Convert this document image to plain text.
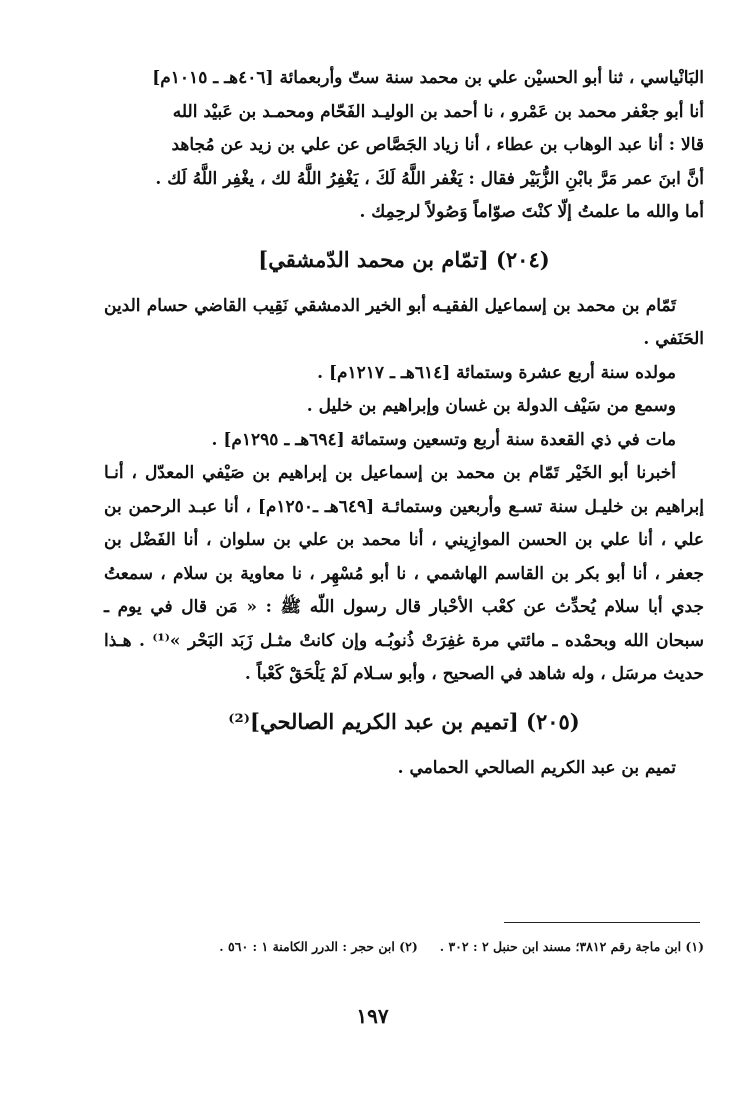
البَانْياسي ، ثنا أبو الحسيْن علي بن محمد سنة ستّ وأربعمائة [٤٠٦هـ ـ ١٠١٥م]
أنا أبو جعْفر محمد بن عَمْرو ، نا أحمد بن الوليـد الفَحّام ومحمـد بن عَبيْد الله
قالا : أنا عبد الوهاب بن عطاء ، أنا زياد الجَصَّاص عن علي بن زيد عن مُجاهد
أنَّ ابنَ عمر مَرَّ بابْنِ الزُّبَيْر فقال : يَغْفر اللَّهُ لَكَ ، يَغْفِرُ اللَّهُ لك ، يغْفِر اللَّهُ لَك .
أما والله ما علمتُ إلّا كنْتَ صوّاماً وَصُولاً لرحِمِك .
(٢٠٤) [تمّام بن محمد الدّمشقي]

تَمّام بن محمد بن إسماعيل الفقيـه أبو الخير الدمشقي نَقِيب القاضي حسام الدين الحَنَفي .

مولده سنة أربع عشرة وستمائة [٦١٤هـ ـ ١٢١٧م] .

وسمع من سَيْف الدولة بن غسان وإبراهيم بن خليل .

مات في ذي القعدة سنة أربع وتسعين وستمائة [٦٩٤هـ ـ ١٢٩٥م] .

أخبرنا أبو الخَيْر تَمّام بن محمد بن إسماعيل بن إبراهيم بن صَيْفي المعدّل ، أنـا إبراهيم بن خليـل سنة تسـع وأربعين وستمائـة [٦٤٩هـ ـ١٢٥٠م] ، أنا عبـد الرحمن بن علي ، أنا علي بن الحسن الموازِيني ، أنا محمد بن علي بن سلوان ، أنا الفَضْل بن جعفر ، أنا أبو بكر بن القاسم الهاشمي ، نا أبو مُسْهِر ، نا معاوية بن سلام ، سمعتُ جدي أبا سلام يُحدِّث عن كعْب الأحْبار قال رسول اللّه ﷺ : « مَن قال في يوم ـ سبحان الله وبحمْده ـ مائتي مرة غفِرَتْ ذُنوبُـه وإن كانتْ مثـل زَبَد البَحْر »⁽¹⁾ . هـذا حديث مرسَل ، وله شاهد في الصحيح ، وأبو سـلام لَمْ يَلْحَقْ كَعْباً .

(٢٠٥) [تميم بن عبد الكريم الصالحي]⁽²⁾

تميم بن عبد الكريم الصالحي الحمامي .

(١) ابن ماجة رقم ٣٨١٢؛ مسند ابن حنبل ٢ : ٣٠٢ .(٢) ابن حجر : الدرر الكامنة ١ : ٥٦٠ .
١٩٧
